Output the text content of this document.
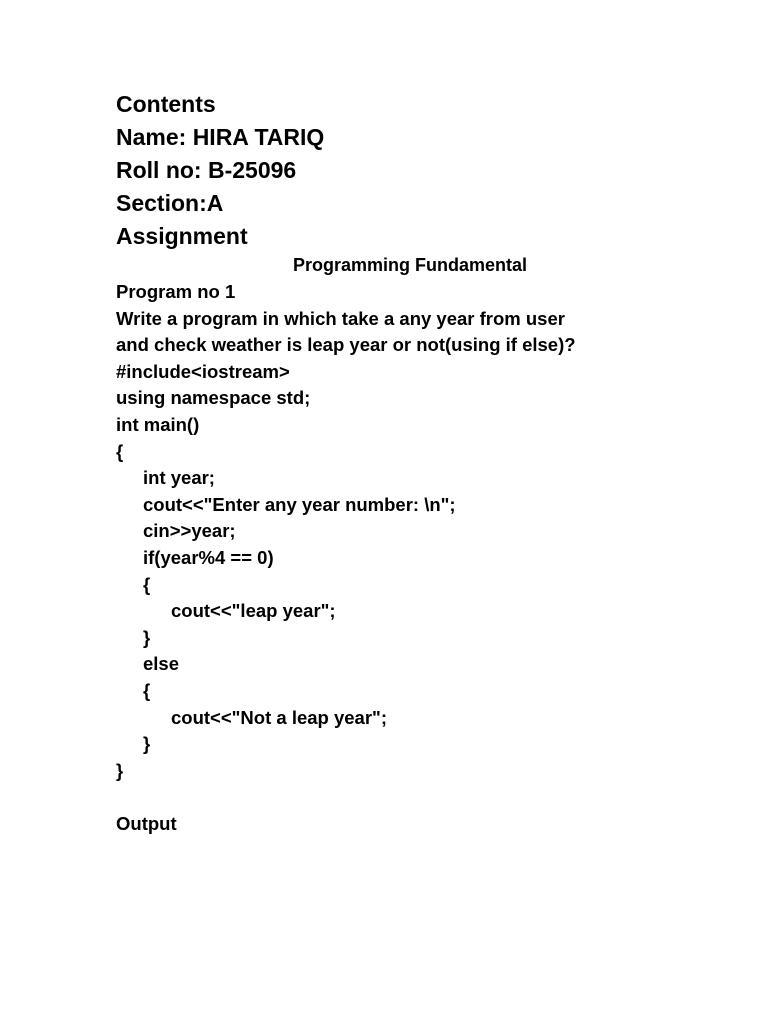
Contents
Name: HIRA TARIQ
Roll no: B-25096
Section:A
Assignment
Programming Fundamental
Program no 1
Write a program in which take a any year from user
and check weather is leap year or not(using if else)?
#include<iostream>
using namespace std;
int main()
{
int year;
cout<<"Enter any year number: \n";
cin>>year;
if(year%4 == 0)
{
cout<<"leap year";
}
else
{
cout<<"Not a leap year";
}
}
Output
